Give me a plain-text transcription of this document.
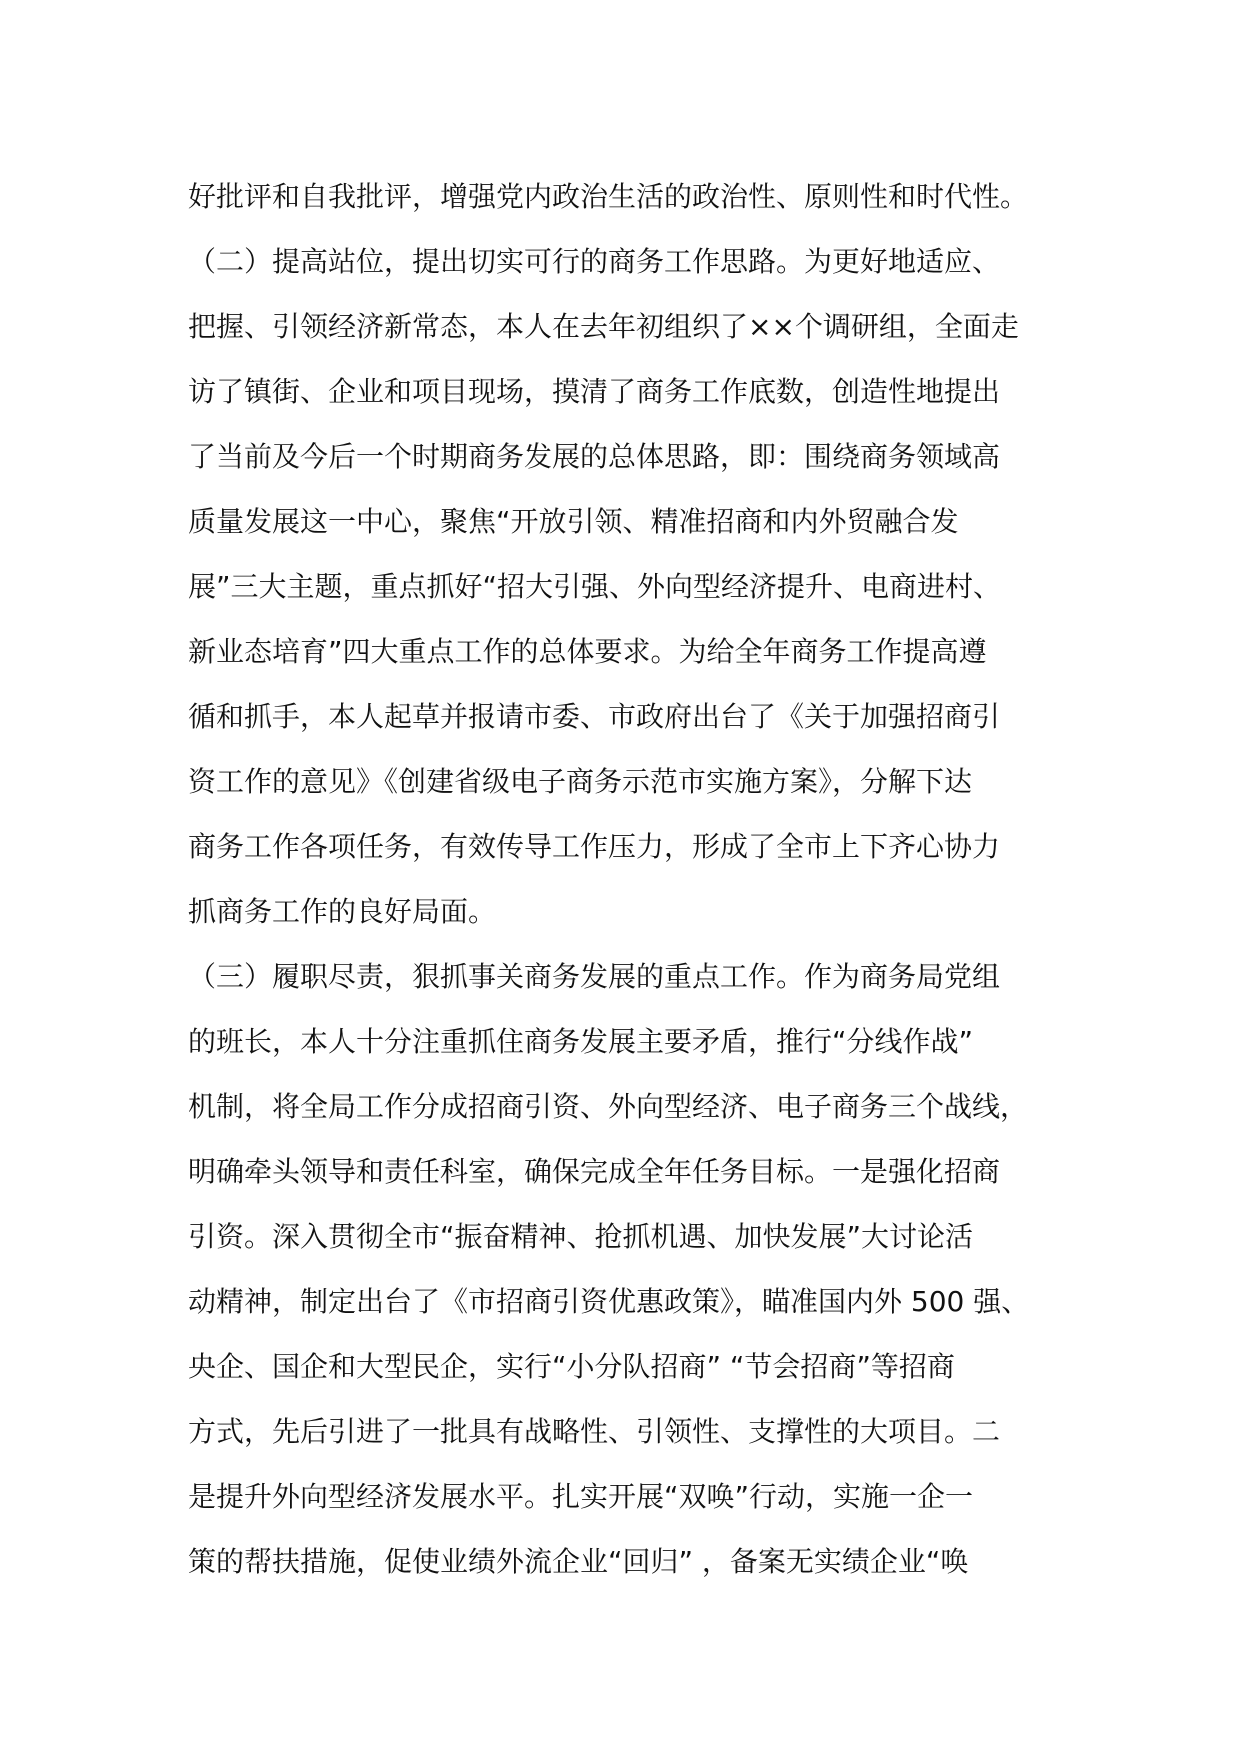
好批评和自我批评，增强党内政治生活的政治性、原则性和时代性。
（二）提高站位，提出切实可行的商务工作思路。为更好地适应、
把握、引领经济新常态，本人在去年初组织了××个调研组，全面走
访了镇街、企业和项目现场，摸清了商务工作底数，创造性地提出
了当前及今后一个时期商务发展的总体思路，即：围绕商务领域高
质量发展这一中心，聚焦“开放引领、精准招商和内外贸融合发
展”三大主题，重点抓好“招大引强、外向型经济提升、电商进村、
新业态培育”四大重点工作的总体要求。为给全年商务工作提高遵
循和抓手，本人起草并报请市委、市政府出台了《关于加强招商引
资工作的意见》《创建省级电子商务示范市实施方案》，分解下达
商务工作各项任务，有效传导工作压力，形成了全市上下齐心协力
抓商务工作的良好局面。
（三）履职尽责，狠抓事关商务发展的重点工作。作为商务局党组
的班长，本人十分注重抓住商务发展主要矛盾，推行“分线作战”
机制，将全局工作分成招商引资、外向型经济、电子商务三个战线，
明确牵头领导和责任科室，确保完成全年任务目标。一是强化招商
引资。深入贯彻全市“振奋精神、抢抓机遇、加快发展”大讨论活
动精神，制定出台了《市招商引资优惠政策》，瞄准国内外 500 强、
央企、国企和大型民企，实行“小分队招商” “节会招商”等招商
方式，先后引进了一批具有战略性、引领性、支撑性的大项目。二
是提升外向型经济发展水平。扎实开展“双唤”行动，实施一企一
策的帮扶措施，促使业绩外流企业“回归” ，备案无实绩企业“唤
